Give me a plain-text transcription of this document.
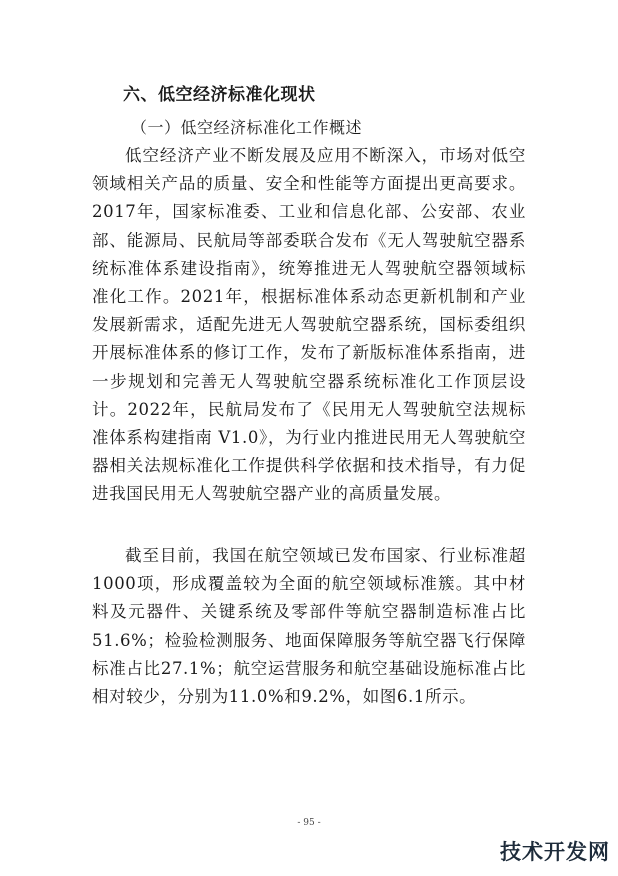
六、低空经济标准化现状
（一）低空经济标准化工作概述

低空经济产业不断发展及应用不断深入，市场对低空领域相关产品的质量、安全和性能等方面提出更高要求。2017年，国家标准委、工业和信息化部、公安部、农业部、能源局、民航局等部委联合发布《无人驾驶航空器系统标准体系建设指南》，统筹推进无人驾驶航空器领域标准化工作。2021年，根据标准体系动态更新机制和产业发展新需求，适配先进无人驾驶航空器系统，国标委组织开展标准体系的修订工作，发布了新版标准体系指南，进一步规划和完善无人驾驶航空器系统标准化工作顶层设计。2022年，民航局发布了《民用无人驾驶航空法规标准体系构建指南 V1.0》，为行业内推进民用无人驾驶航空器相关法规标准化工作提供科学依据和技术指导，有力促进我国民用无人驾驶航空器产业的高质量发展。

截至目前，我国在航空领域已发布国家、行业标准超1000项，形成覆盖较为全面的航空领域标准簇。其中材料及元器件、关键系统及零部件等航空器制造标准占比51.6%；检验检测服务、地面保障服务等航空器飞行保障标准占比27.1%；航空运营服务和航空基础设施标准占比相对较少，分别为11.0%和9.2%，如图6.1所示。

- 95 -
技术开发网
